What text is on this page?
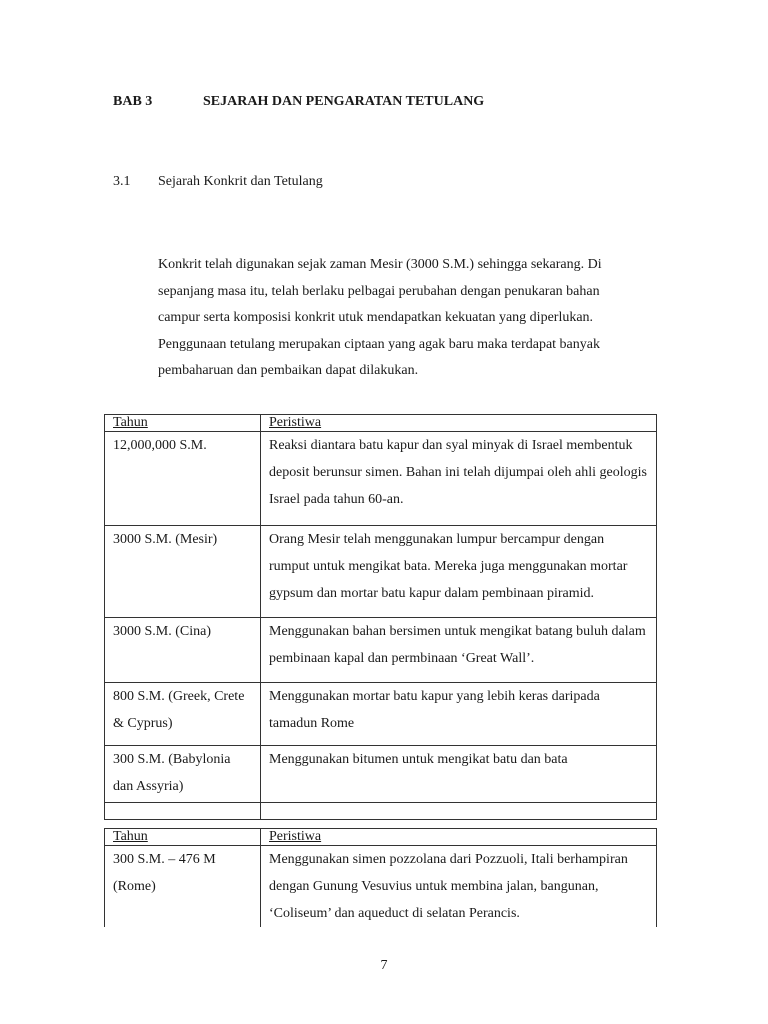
BAB 3	SEJARAH DAN PENGARATAN TETULANG
3.1	Sejarah Konkrit dan Tetulang
Konkrit telah digunakan sejak zaman Mesir (3000 S.M.) sehingga sekarang. Di sepanjang masa itu, telah berlaku pelbagai perubahan dengan penukaran bahan campur serta komposisi konkrit utuk mendapatkan kekuatan yang diperlukan. Penggunaan tetulang merupakan ciptaan yang agak baru maka terdapat banyak pembaharuan dan pembaikan dapat dilakukan.
Tahun	Peristiwa
12,000,000 S.M.	Reaksi diantara batu kapur dan syal minyak di Israel membentuk deposit berunsur simen. Bahan ini telah dijumpai oleh ahli geologis Israel pada tahun 60-an.
3000 S.M. (Mesir)	Orang Mesir telah menggunakan lumpur bercampur dengan rumput untuk mengikat bata. Mereka juga menggunakan mortar gypsum dan mortar batu kapur dalam pembinaan piramid.
3000 S.M. (Cina)	Menggunakan bahan bersimen untuk mengikat batang buluh dalam pembinaan kapal dan permbinaan ‘Great Wall’.
800 S.M. (Greek, Crete & Cyprus)	Menggunakan mortar batu kapur yang lebih keras daripada tamadun Rome
300 S.M. (Babylonia dan Assyria)	Menggunakan bitumen untuk mengikat batu dan bata

Tahun	Peristiwa
300 S.M. – 476 M (Rome)	Menggunakan simen pozzolana dari Pozzuoli, Itali berhampiran dengan Gunung Vesuvius untuk membina jalan, bangunan, ‘Coliseum’ dan aqueduct di selatan Perancis.
7
